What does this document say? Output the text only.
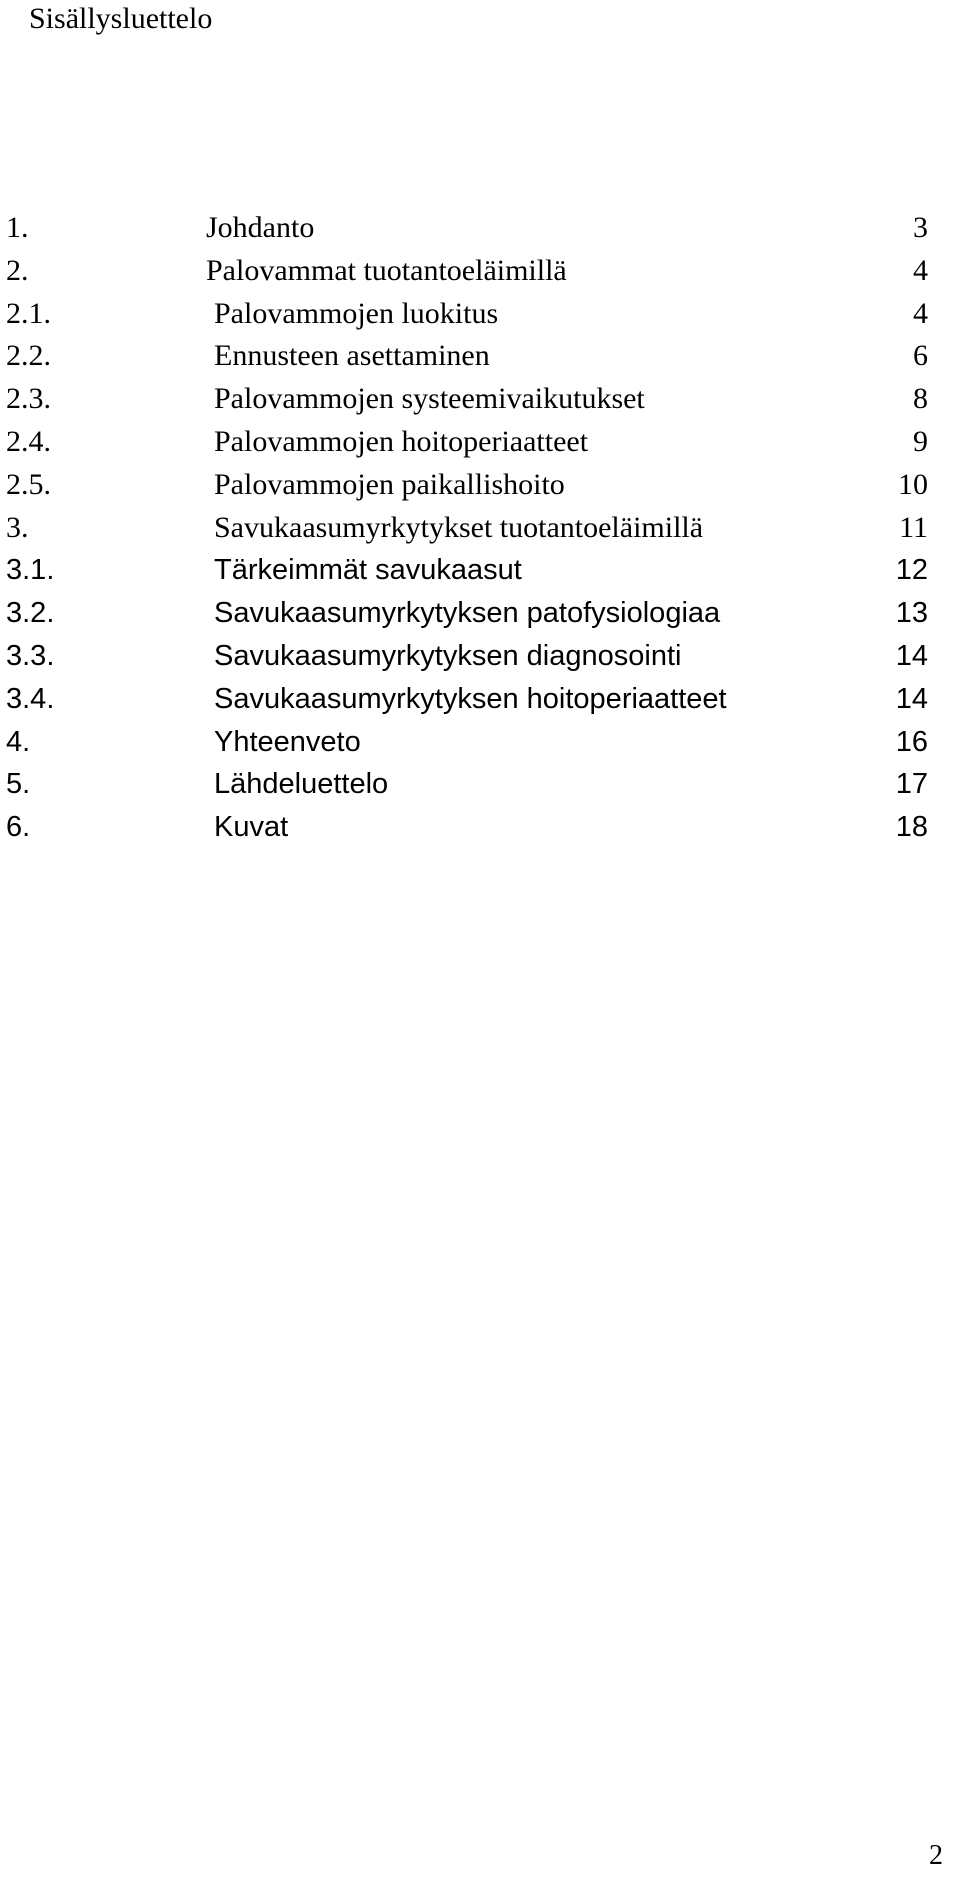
Sisällysluettelo
1.	Johdanto	3
2.	Palovammat tuotantoeläimillä	4
2.1.	Palovammojen luokitus	4
2.2.	Ennusteen asettaminen	6
2.3.	Palovammojen systeemivaikutukset	8
2.4.	Palovammojen hoitoperiaatteet	9
2.5.	Palovammojen paikallishoito	10
3.	Savukaasumyrkytykset tuotantoeläimillä	11
3.1.	Tärkeimmät savukaasut	12
3.2.	Savukaasumyrkytyksen patofysiologiaa	13
3.3.	Savukaasumyrkytyksen diagnosointi	14
3.4.	Savukaasumyrkytyksen hoitoperiaatteet	14
4.	Yhteenveto	16
5.	Lähdeluettelo	17
6.	Kuvat	18
2
